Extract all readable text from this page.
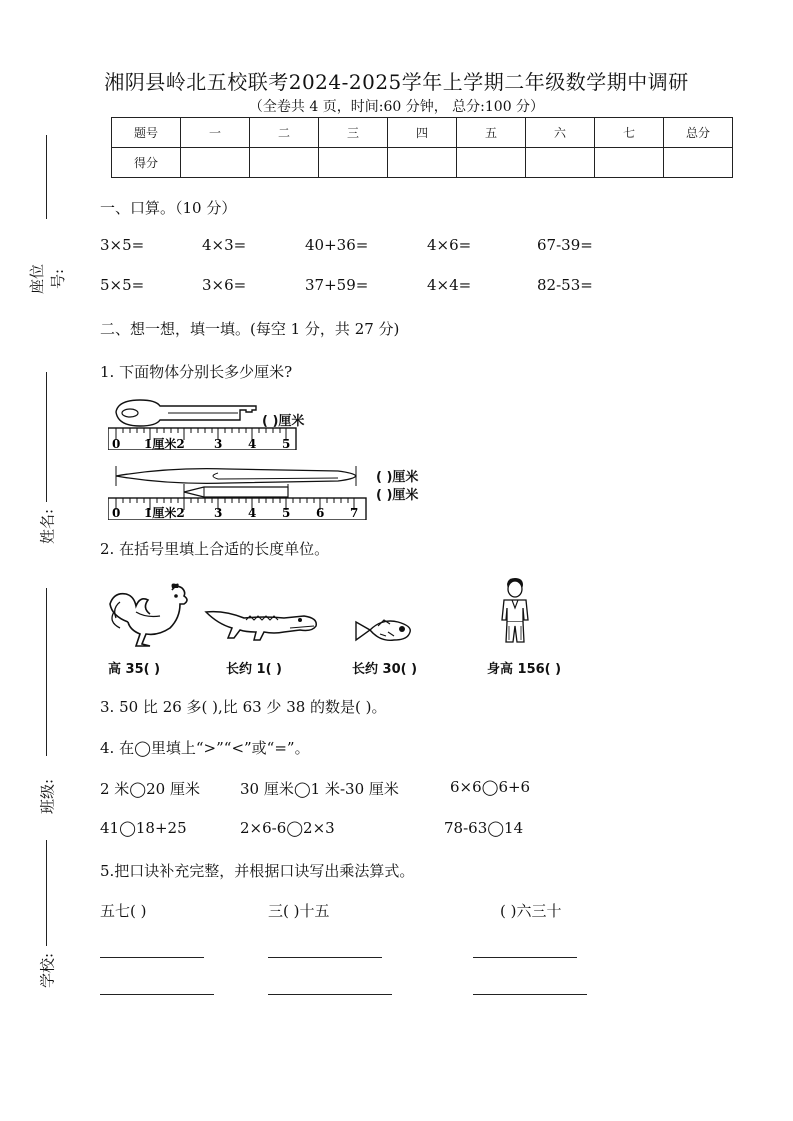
湘阴县岭北五校联考2024-2025学年上学期二年级数学期中调研
（全卷共 4 页，时间:60 分钟， 总分:100 分）
题号	一	二	三	四	五	六	七	总分
得分								
座位号:
姓名:
班级:
学校:
一、口算。（10 分）
3×5=	4×3=	40+36=	4×6=	67-39=
5×5=	3×6=	37+59=	4×4=	82-53=
二、想一想，填一填。(每空 1 分，共 27 分)
1. 下面物体分别长多少厘米?
0 1厘米2 3 4 5
( )厘米
0 1厘米2 3 4 5 6 7
( )厘米
( )厘米
2. 在括号里填上合适的长度单位。
高 35( )	长约 1( )	长约 30( )	身高 156( )
3. 50 比 26 多( ),比 63 少 38 的数是( )。
4. 在◯里填上“>”“<”或“=”。
2 米◯20 厘米	30 厘米◯1 米-30 厘米	6×6◯6+6
41◯18+25	2×6-6◯2×3	78-63◯14
5.把口诀补充完整，并根据口诀写出乘法算式。
五七( )	三( )十五	( )六三十
